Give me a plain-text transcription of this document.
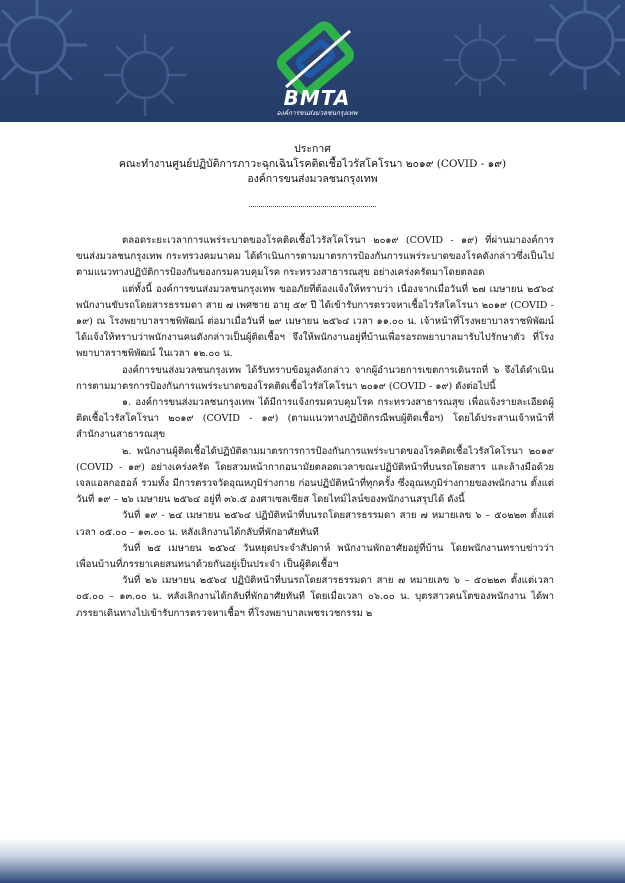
BMTA
องค์การขนส่งมวลชนกรุงเทพ
ประกาศ
คณะทำงานศูนย์ปฏิบัติการภาวะฉุกเฉินโรคติดเชื้อไวรัสโคโรนา ๒๐๑๙ (COVID - ๑๙)
องค์การขนส่งมวลชนกรุงเทพ

ตลอดระยะเวลาการแพร่ระบาดของโรคติดเชื้อไวรัสโคโรนา ๒๐๑๙ (COVID - ๑๙) ที่ผ่านมาองค์การขนส่งมวลชนกรุงเทพ กระทรวงคมนาคม ได้ดำเนินการตามมาตรการป้องกันการแพร่ระบาดของโรคดังกล่าวซึ่งเป็นไปตามแนวทางปฏิบัติการป้องกันของกรมควบคุมโรค กระทรวงสาธารณสุข อย่างเคร่งครัดมาโดยตลอด

แต่ทั้งนี้ องค์การขนส่งมวลชนกรุงเทพ ขออภัยที่ต้องแจ้งให้ทราบว่า เนื่องจากเมื่อวันที่ ๒๗ เมษายน ๒๕๖๔ พนักงานขับรถโดยสารธรรมดา สาย ๗ เพศชาย อายุ ๕๙ ปี ได้เข้ารับการตรวจหาเชื้อไวรัสโคโรนา ๒๐๑๙ (COVID - ๑๙) ณ โรงพยาบาลราชพิพัฒน์ ต่อมาเมื่อวันที่ ๒๙ เมษายน ๒๕๖๔ เวลา ๑๑.๐๐ น. เจ้าหน้าที่โรงพยาบาลราชพิพัฒน์ ได้แจ้งให้ทราบว่าพนักงานคนดังกล่าวเป็นผู้ติดเชื้อฯ จึงให้พนักงานอยู่ที่บ้านเพื่อรอรถพยาบาลมารับไปรักษาตัว ที่โรงพยาบาลราชพิพัฒน์ ในเวลา ๑๒.๐๐ น.

องค์การขนส่งมวลชนกรุงเทพ ได้รับทราบข้อมูลดังกล่าว จากผู้อำนวยการเขตการเดินรถที่ ๖ จึงได้ดำเนินการตามมาตรการป้องกันการแพร่ระบาดของโรคติดเชื้อไวรัสโคโรนา ๒๐๑๙ (COVID - ๑๙) ดังต่อไปนี้

๑. องค์การขนส่งมวลชนกรุงเทพ ได้มีการแจ้งกรมควบคุมโรค กระทรวงสาธารณสุข เพื่อแจ้งรายละเอียดผู้ติดเชื้อไวรัสโคโรนา ๒๐๑๙ (COVID - ๑๙) (ตามแนวทางปฏิบัติกรณีพบผู้ติดเชื้อฯ) โดยได้ประสานเจ้าหน้าที่สำนักงานสาธารณสุข

๒. พนักงานผู้ติดเชื้อได้ปฏิบัติตามมาตรการการป้องกันการแพร่ระบาดของโรคติดเชื้อไวรัสโคโรนา ๒๐๑๙ (COVID - ๑๙) อย่างเคร่งครัด โดยสวมหน้ากากอนามัยตลอดเวลาขณะปฏิบัติหน้าที่บนรถโดยสาร และล้างมือด้วยเจลแอลกอฮอล์ รวมทั้ง มีการตรวจวัดอุณหภูมิร่างกาย ก่อนปฏิบัติหน้าที่ทุกครั้ง ซึ่งอุณหภูมิร่างกายของพนักงาน ตั้งแต่วันที่ ๑๙ – ๒๖ เมษายน ๒๕๖๔ อยู่ที่ ๓๖.๕ องศาเซลเซียส โดยไทม์ไลน์ของพนักงานสรุปได้ ดังนี้

วันที่ ๑๙ - ๒๔ เมษายน ๒๕๖๔ ปฏิบัติหน้าที่บนรถโดยสารธรรมดา สาย ๗ หมายเลข ๖ – ๕๐๒๒๓ ตั้งแต่เวลา ๐๕.๐๐ – ๑๓.๐๐ น. หลังเลิกงานได้กลับที่พักอาศัยทันที

วันที่ ๒๕ เมษายน ๒๕๖๔ วันหยุดประจำสัปดาห์ พนักงานพักอาศัยอยู่ที่บ้าน โดยพนักงานทราบข่าวว่า เพื่อนบ้านที่ภรรยาเคยสนทนาด้วยกันอยู่เป็นประจำ เป็นผู้ติดเชื้อฯ

วันที่ ๒๖ เมษายน ๒๕๖๔ ปฏิบัติหน้าที่บนรถโดยสารธรรมดา สาย ๗ หมายเลข ๖ – ๕๐๒๒๓ ตั้งแต่เวลา ๐๕.๐๐ – ๑๓.๐๐ น. หลังเลิกงานได้กลับที่พักอาศัยทันที โดยเมื่อเวลา ๐๖.๐๐ น. บุตรสาวคนโตของพนักงาน ได้พาภรรยาเดินทางไปเข้ารับการตรวจหาเชื้อฯ ที่โรงพยาบาลเพชรเวชกรรม ๒
